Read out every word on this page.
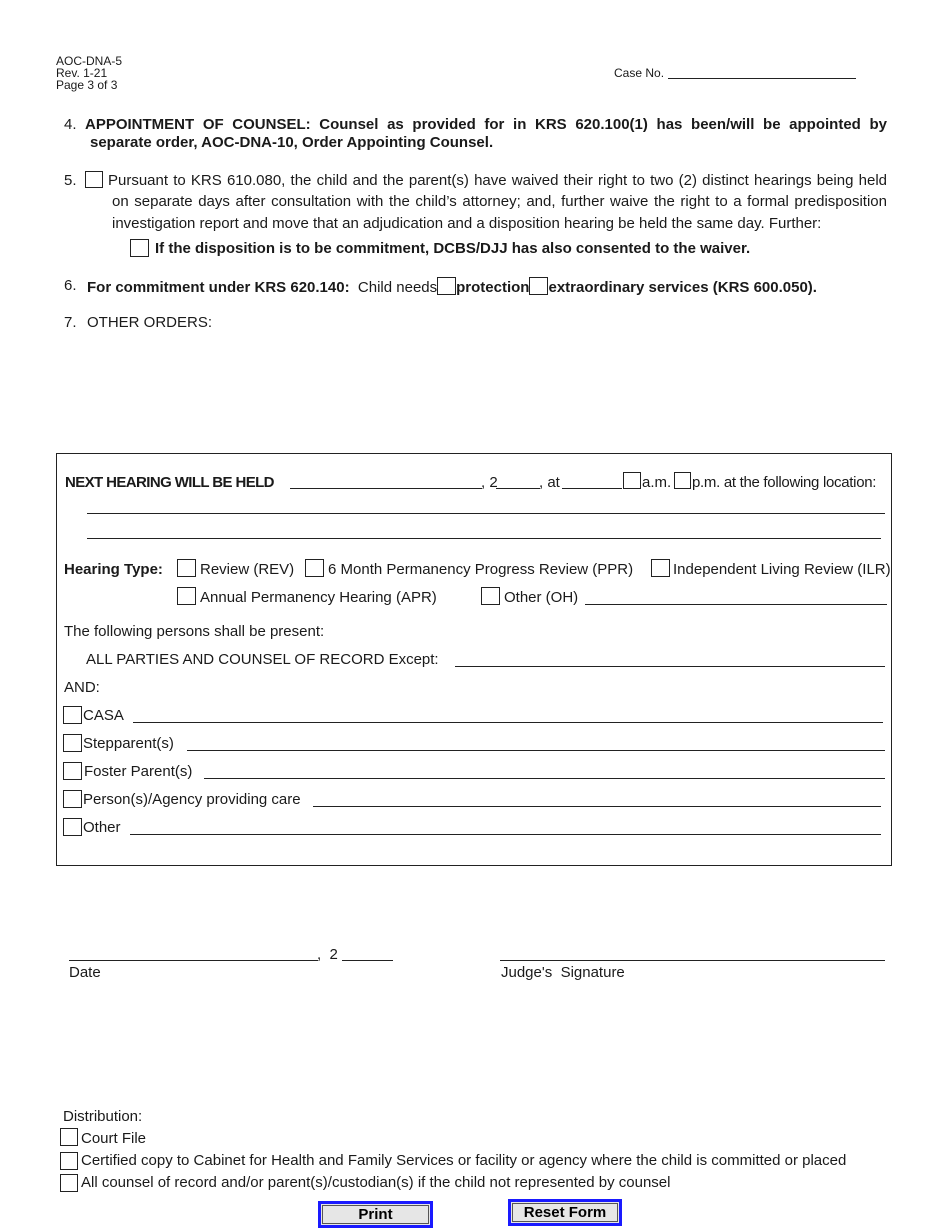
AOC-DNA-5
Rev. 1-21
Page 3 of 3
Case No.
4. APPOINTMENT OF COUNSEL: Counsel as provided for in KRS 620.100(1) has been/will be appointed by
separate order, AOC-DNA-10, Order Appointing Counsel.
5. Pursuant to KRS 610.080, the child and the parent(s) have waived their right to two (2) distinct hearings being held
on separate days after consultation with the child’s attorney; and, further waive the right to a formal predisposition
investigation report and move that an adjudication and a disposition hearing be held the same day. Further:
If the disposition is to be commitment, DCBS/DJJ has also consented to the waiver.
6. For commitment under KRS 620.140: Child needs protection extraordinary services (KRS 600.050).
7. OTHER ORDERS:
NEXT HEARING WILL BE HELD	, 2	, at	a.m. p.m. at the following location:
Hearing Type: Review (REV) 6 Month Permanency Progress Review (PPR)	Independent Living Review (ILR)
Annual Permanency Hearing (APR)	Other (OH)
The following persons shall be present:
ALL PARTIES AND COUNSEL OF RECORD Except:
AND:
CASA
Stepparent(s)
Foster Parent(s)
Person(s)/Agency providing care
Other
,  2
Date	Judge's  Signature
Distribution:
Court File
Certified copy to Cabinet for Health and Family Services or facility or agency where the child is committed or placed
All counsel of record and/or parent(s)/custodian(s) if the child not represented by counsel
Print	Reset Form
